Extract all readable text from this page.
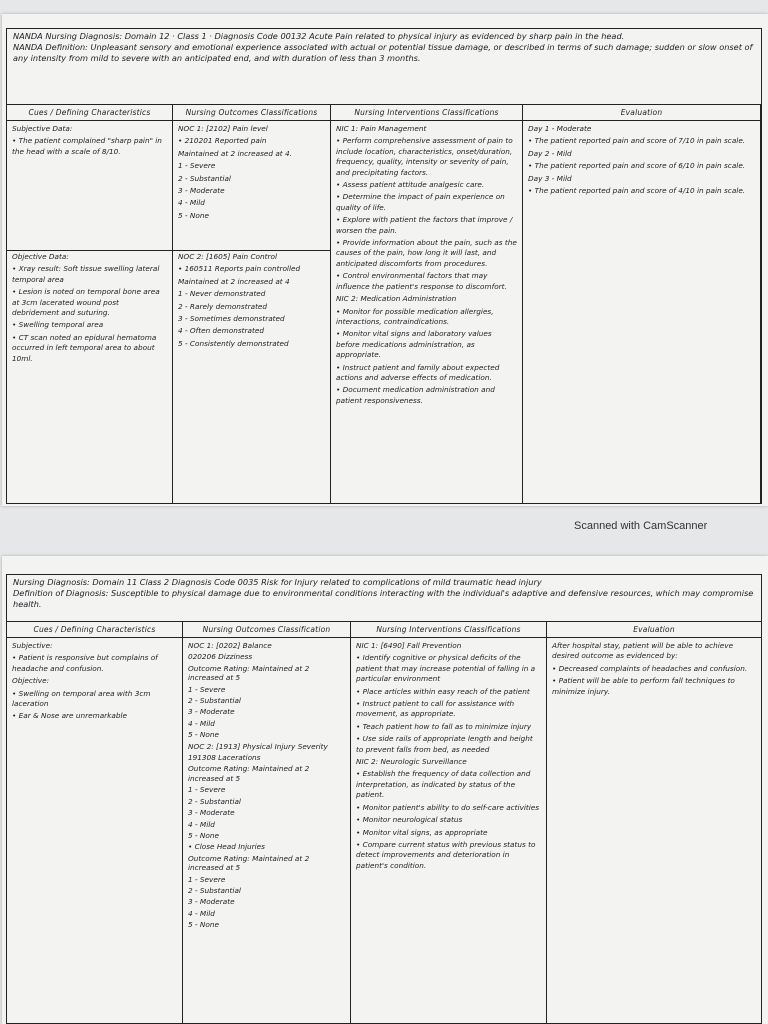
NANDA Nursing Diagnosis: Domain 12 · Class 1 · Diagnosis Code 00132 Acute Pain related to physical injury as evidenced by sharp pain in the head.
NANDA Definition: Unpleasant sensory and emotional experience associated with actual or potential tissue damage, or described in terms of such damage; sudden or slow onset of any intensity from mild to severe with an anticipated end, and with duration of less than 3 months.
Cues / Defining Characteristics

Subjective Data:

• The patient complained "sharp pain" in the head with a scale of 8/10.

Objective Data:

• Xray result: Soft tissue swelling lateral temporal area

• Lesion is noted on temporal bone area at 3cm lacerated wound post debridement and suturing.

• Swelling temporal area

• CT scan noted an epidural hematoma occurred in left temporal area to about 10ml.

Nursing Outcomes Classifications

NOC 1: [2102] Pain level

• 210201 Reported pain

Maintained at 2 increased at 4.

1 - Severe

2 - Substantial

3 - Moderate

4 - Mild

5 - None

NOC 2: [1605] Pain Control

• 160511 Reports pain controlled

Maintained at 2 increased at 4

1 - Never demonstrated

2 - Rarely demonstrated

3 - Sometimes demonstrated

4 - Often demonstrated

5 - Consistently demonstrated

Nursing Interventions Classifications

NIC 1: Pain Management

• Perform comprehensive assessment of pain to include location, characteristics, onset/duration, frequency, quality, intensity or severity of pain, and precipitating factors.

• Assess patient attitude analgesic care.

• Determine the impact of pain experience on quality of life.

• Explore with patient the factors that improve / worsen the pain.

• Provide information about the pain, such as the causes of the pain, how long it will last, and anticipated discomforts from procedures.

• Control environmental factors that may influence the patient's response to discomfort.

NIC 2: Medication Administration

• Monitor for possible medication allergies, interactions, contraindications.

• Monitor vital signs and laboratory values before medications administration, as appropriate.

• Instruct patient and family about expected actions and adverse effects of medication.

• Document medication administration and patient responsiveness.

Evaluation

Day 1 - Moderate

• The patient reported pain and score of 7/10 in pain scale.

Day 2 - Mild

• The patient reported pain and score of 6/10 in pain scale.

Day 3 - Mild

• The patient reported pain and score of 4/10 in pain scale.

Scanned with CamScanner
Nursing Diagnosis: Domain 11 Class 2 Diagnosis Code 0035 Risk for Injury related to complications of mild traumatic head injury
Definition of Diagnosis: Susceptible to physical damage due to environmental conditions interacting with the individual's adaptive and defensive resources, which may compromise health.
Cues / Defining Characteristics

Subjective:

• Patient is responsive but complains of headache and confusion.

Objective:

• Swelling on temporal area with 3cm laceration

• Ear & Nose are unremarkable

Nursing Outcomes Classification

NOC 1: [0202] Balance

020206 Dizziness

Outcome Rating: Maintained at 2 increased at 5

1 - Severe

2 - Substantial

3 - Moderate

4 - Mild

5 - None

NOC 2: [1913] Physical Injury Severity

191308 Lacerations

Outcome Rating: Maintained at 2 increased at 5

1 - Severe

2 - Substantial

3 - Moderate

4 - Mild

5 - None

• Close Head Injuries

Outcome Rating: Maintained at 2 increased at 5

1 - Severe

2 - Substantial

3 - Moderate

4 - Mild

5 - None

Nursing Interventions Classifications

NIC 1: [6490] Fall Prevention

• Identify cognitive or physical deficits of the patient that may increase potential of falling in a particular environment

• Place articles within easy reach of the patient

• Instruct patient to call for assistance with movement, as appropriate.

• Teach patient how to fall as to minimize injury

• Use side rails of appropriate length and height to prevent falls from bed, as needed

NIC 2: Neurologic Surveillance

• Establish the frequency of data collection and interpretation, as indicated by status of the patient.

• Monitor patient's ability to do self-care activities

• Monitor neurological status

• Monitor vital signs, as appropriate

• Compare current status with previous status to detect improvements and deterioration in patient's condition.

Evaluation

After hospital stay, patient will be able to achieve desired outcome as evidenced by:

• Decreased complaints of headaches and confusion.

• Patient will be able to perform fall techniques to minimize injury.
